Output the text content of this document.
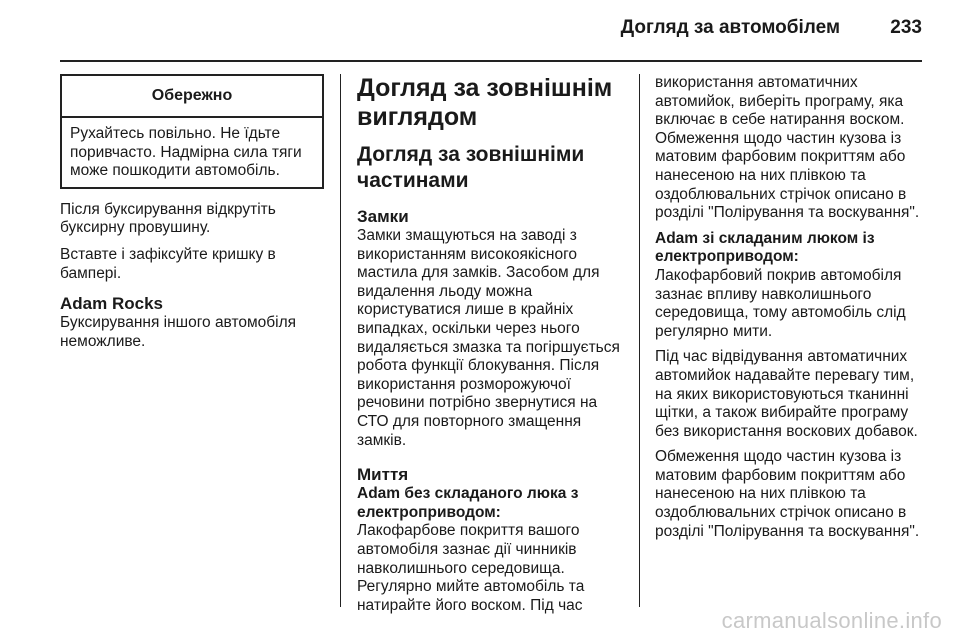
Догляд за автомобілем	233
Обережно

Рухайтесь повільно. Не їдьте поривчасто. Надмірна сила тяги може пошкодити автомобіль.

Після буксирування відкрутіть буксирну провушину.

Вставте і зафіксуйте кришку в бампері.

Adam Rocks

Буксирування іншого автомобіля неможливе.

Догляд за зовнішнім виглядом
Догляд за зовнішніми частинами
Замки

Замки змащуються на заводі з використанням високоякісного мастила для замків. Засобом для видалення льоду можна користуватися лише в крайніх випадках, оскільки через нього видаляється змазка та погіршується робота функції блокування. Після використання розморожуючої речовини потрібно звернутися на СТО для повторного змащення замків.

Миття
Adam без складаного люка з електроприводом:

Лакофарбове покриття вашого автомобіля зазнає дії чинників навколишнього середовища. Регулярно мийте автомобіль та натирайте його воском. Під час

використання автоматичних автомийок, виберіть програму, яка включає в себе натирання воском. Обмеження щодо частин кузова із матовим фарбовим покриттям або нанесеною на них плівкою та оздоблювальних стрічок описано в розділі "Полірування та воскування".

Adam зі складаним люком із електроприводом:

Лакофарбовий покрив автомобіля зазнає впливу навколишнього середовища, тому автомобіль слід регулярно мити.

Під час відвідування автоматичних автомийок надавайте перевагу тим, на яких використовуються тканинні щітки, а також вибирайте програму без використання воскових добавок.

Обмеження щодо частин кузова із матовим фарбовим покриттям або нанесеною на них плівкою та оздоблювальних стрічок описано в розділі "Полірування та воскування".

carmanualsonline.info
